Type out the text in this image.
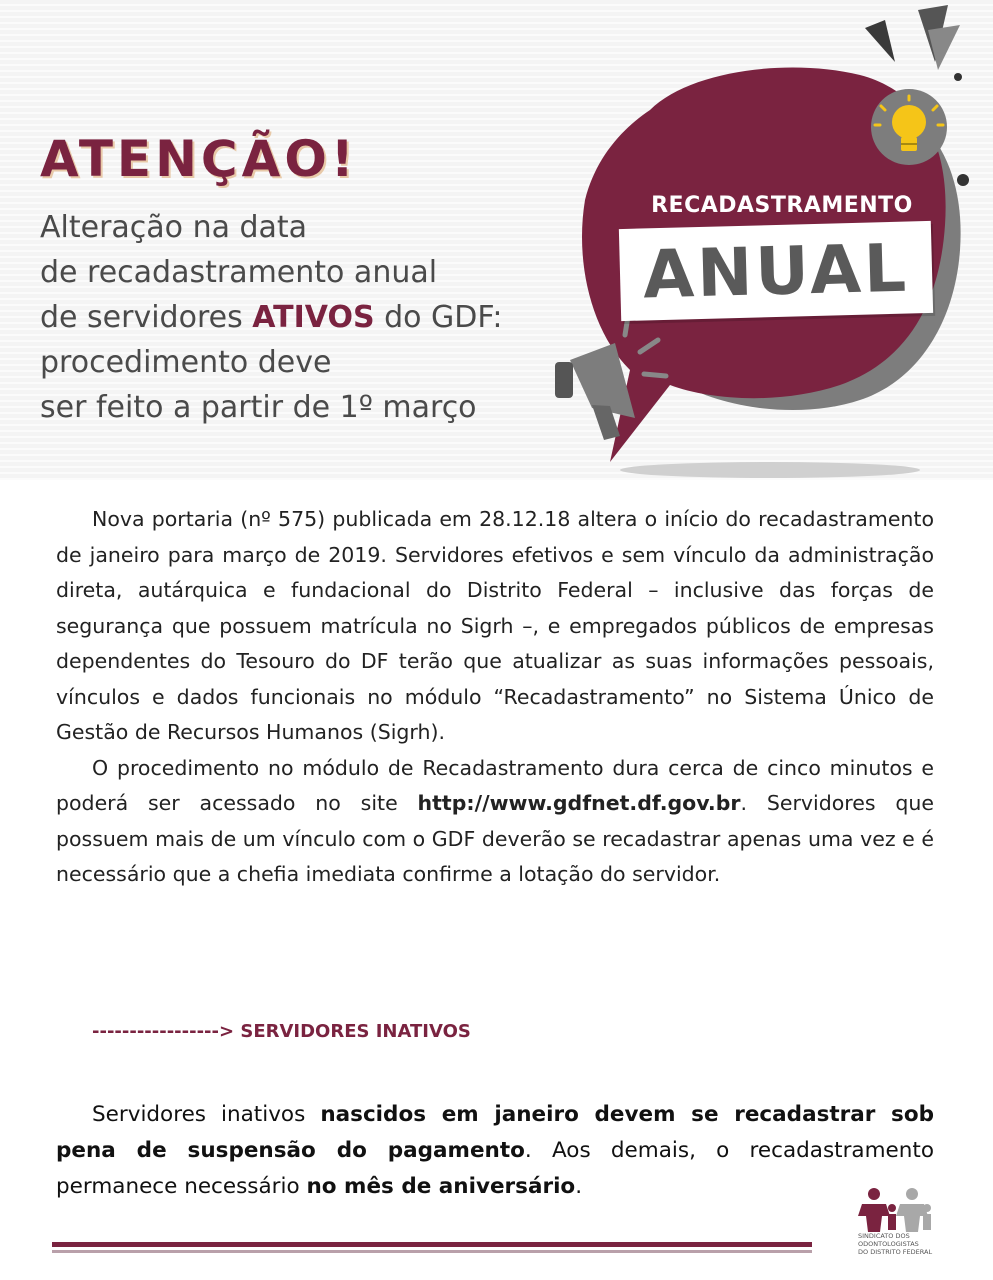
ATENÇÃO!
Alteração na data
de recadastramento anual
de servidores ATIVOS do GDF:
procedimento deve
ser feito a partir de 1º março
RECADASTRAMENTO
ANUAL

Nova portaria (nº 575) publicada em 28.12.18 altera o início do recadastramento de janeiro para março de 2019. Servidores efetivos e sem vínculo da administração direta, autárquica e fundacional do Distrito Federal – inclusive das forças de segurança que possuem matrícula no Sigrh –, e empregados públicos de empresas dependentes do Tesouro do DF terão que atualizar as suas informações pessoais, vínculos e dados funcionais no módulo “Recadastramento” no Sistema Único de Gestão de Recursos Humanos (Sigrh).

O procedimento no módulo de Recadastramento dura cerca de cinco minutos e poderá ser acessado no site http://www.gdfnet.df.gov.br. Servidores que possuem mais de um vínculo com o GDF deverão se recadastrar apenas uma vez e é necessário que a chefia imediata confirme a lotação do servidor.

-----------------> SERVIDORES INATIVOS

Servidores inativos nascidos em janeiro devem se recadastrar sob pena de suspensão do pagamento. Aos demais, o recadastramento permanece necessário no mês de aniversário.

SINDICATO DOS
ODONTOLOGISTAS
DO DISTRITO FEDERAL
